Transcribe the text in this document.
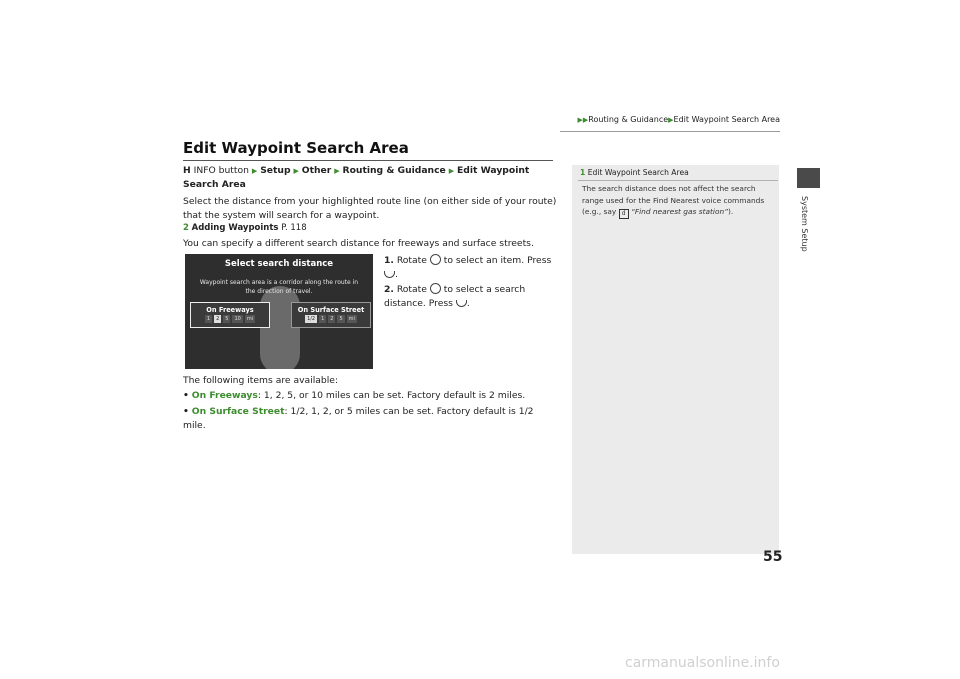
▶▶Routing & Guidance▶Edit Waypoint Search Area
System Setup
Edit Waypoint Search Area
H INFO button ▶ Setup ▶ Other ▶ Routing & Guidance ▶ Edit Waypoint Search Area
Select the distance from your highlighted route line (on either side of your route) that the system will search for a waypoint.
2 Adding Waypoints P. 118
You can specify a different search distance for freeways and surface streets.
Select search distance
Waypoint search area is a corridor along the route in the direction of travel.
On Freeways
1	2	5	10	mi
On Surface Street
1/2	1	2	5	mi
1. Rotate to select an item. Press .
2. Rotate to select a search distance. Press .
The following items are available:
• On Freeways: 1, 2, 5, or 10 miles can be set. Factory default is 2 miles.
• On Surface Street: 1/2, 1, 2, or 5 miles can be set. Factory default is 1/2 mile.
1 Edit Waypoint Search Area
The search distance does not affect the search range used for the Find Nearest voice commands (e.g., say d “Find nearest gas station”).
55
carmanualsonline.info
